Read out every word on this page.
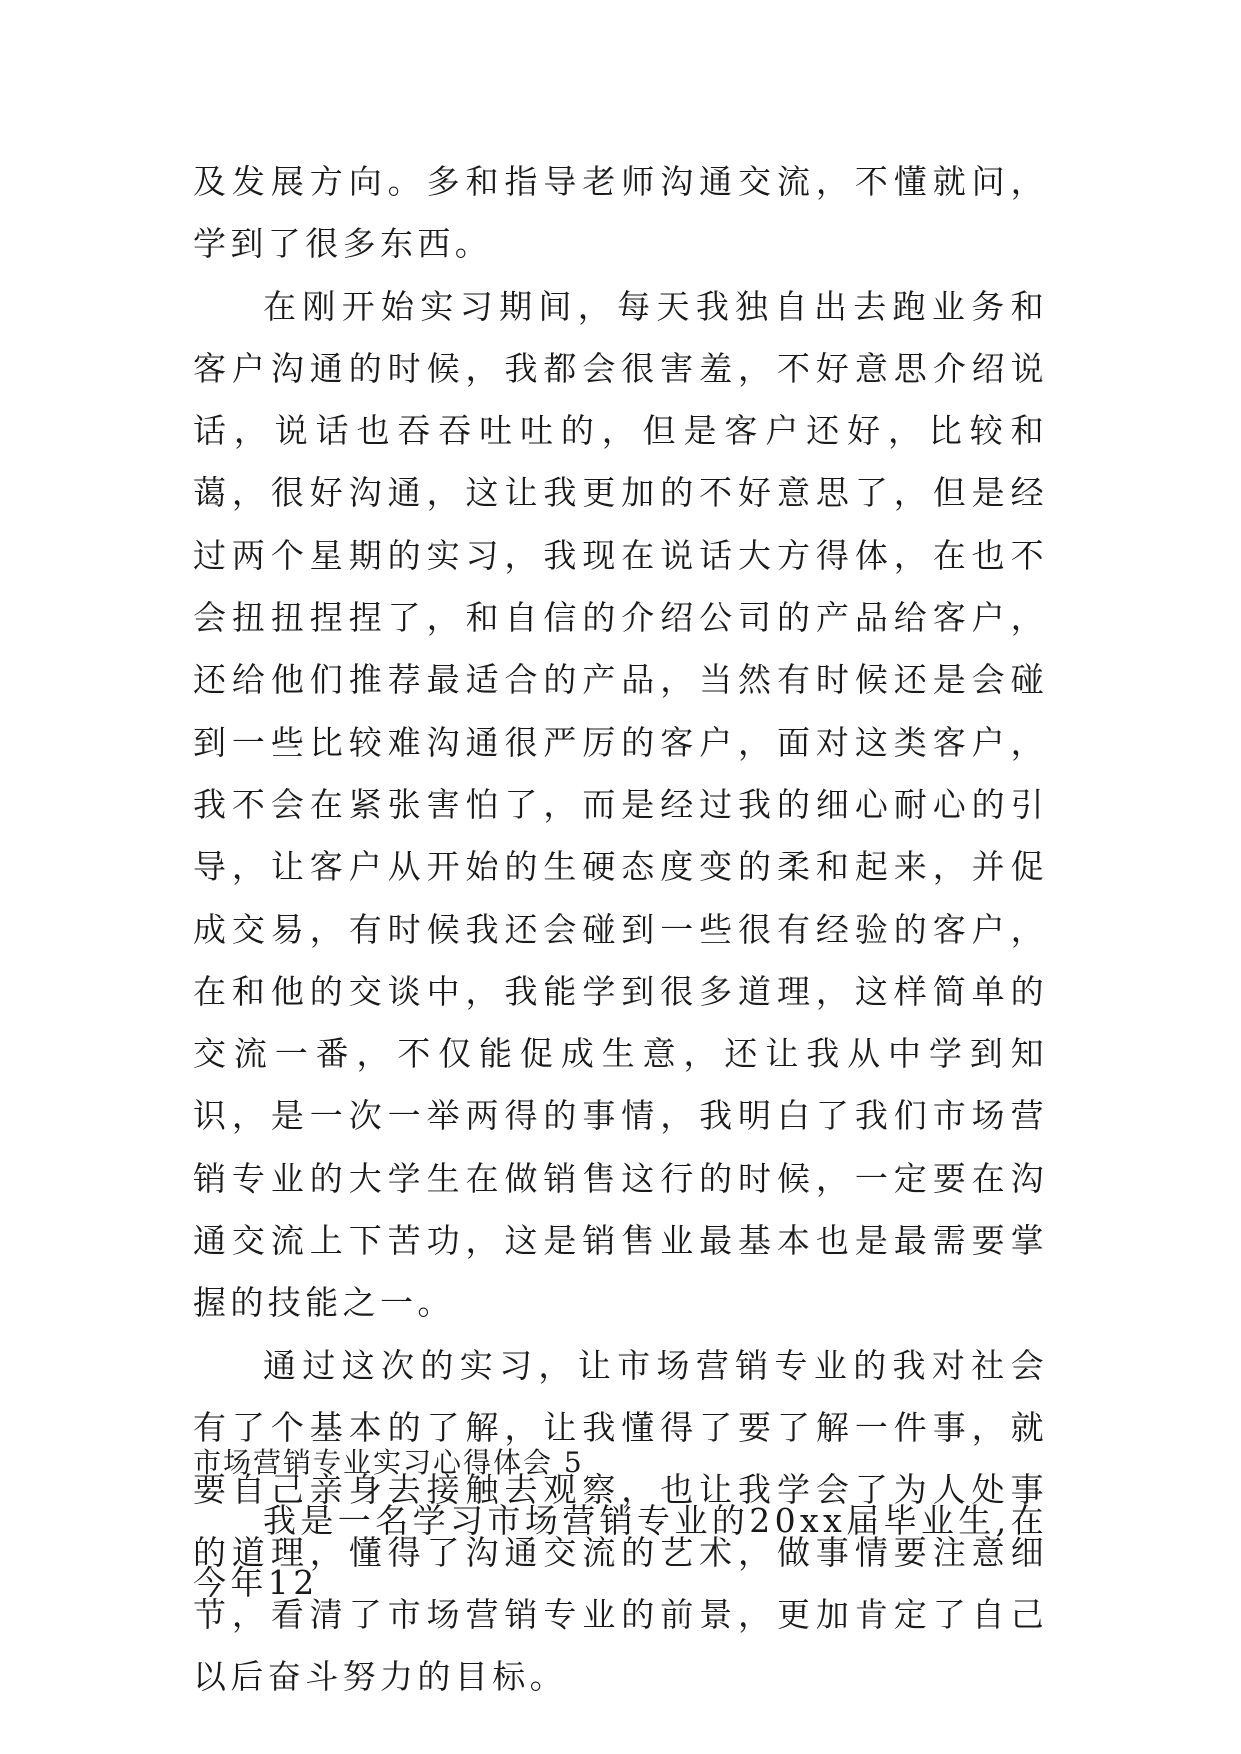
及发展方向。多和指导老师沟通交流，不懂就问，学到了很多东西。

在刚开始实习期间，每天我独自出去跑业务和客户沟通的时候，我都会很害羞，不好意思介绍说话，说话也吞吞吐吐的，但是客户还好，比较和蔼，很好沟通，这让我更加的不好意思了，但是经过两个星期的实习，我现在说话大方得体，在也不会扭扭捏捏了，和自信的介绍公司的产品给客户，还给他们推荐最适合的产品，当然有时候还是会碰到一些比较难沟通很严厉的客户，面对这类客户，我不会在紧张害怕了，而是经过我的细心耐心的引导，让客户从开始的生硬态度变的柔和起来，并促成交易，有时候我还会碰到一些很有经验的客户，在和他的交谈中，我能学到很多道理，这样简单的交流一番，不仅能促成生意，还让我从中学到知识，是一次一举两得的事情，我明白了我们市场营销专业的大学生在做销售这行的时候，一定要在沟通交流上下苦功，这是销售业最基本也是最需要掌握的技能之一。

通过这次的实习，让市场营销专业的我对社会有了个基本的了解，让我懂得了要了解一件事，就要自己亲身去接触去观察，也让我学会了为人处事的道理，懂得了沟通交流的艺术，做事情要注意细节，看清了市场营销专业的前景，更加肯定了自己以后奋斗努力的目标。

市场营销专业实习心得体会 5

我是一名学习市场营销专业的20xx届毕业生,在今年12
